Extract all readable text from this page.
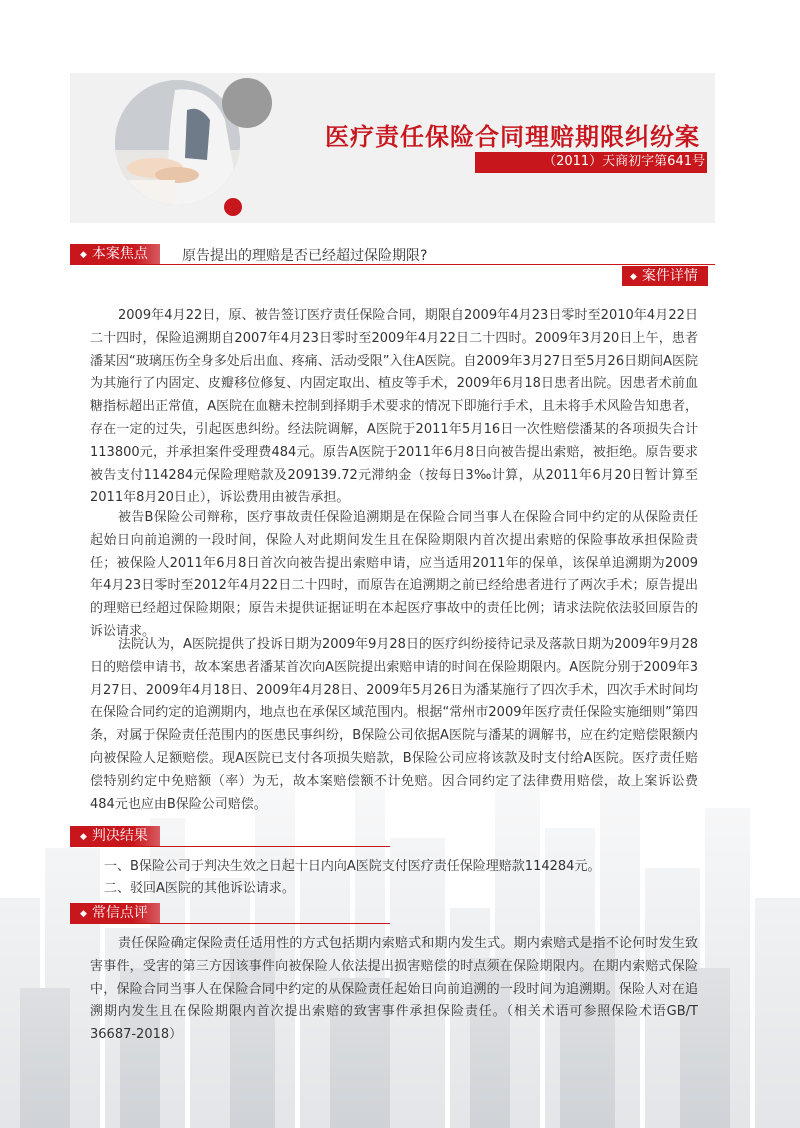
医疗责任保险合同理赔期限纠纷案
（2011）天商初字第641号
◆ 本案焦点	原告提出的理赔是否已经超过保险期限?
◆ 案件详情

2009年4月22日，原、被告签订医疗责任保险合同，期限自2009年4月23日零时至2010年4月22日二十四时，保险追溯期自2007年4月23日零时至2009年4月22日二十四时。2009年3月20日上午，患者潘某因“玻璃压伤全身多处后出血、疼痛、活动受限”入住A医院。自2009年3月27日至5月26日期间A医院为其施行了内固定、皮瓣移位修复、内固定取出、植皮等手术，2009年6月18日患者出院。因患者术前血糖指标超出正常值，A医院在血糖未控制到择期手术要求的情况下即施行手术，且未将手术风险告知患者，存在一定的过失，引起医患纠纷。经法院调解，A医院于2011年5月16日一次性赔偿潘某的各项损失合计113800元，并承担案件受理费484元。原告A医院于2011年6月8日向被告提出索赔，被拒绝。原告要求被告支付114284元保险理赔款及209139.72元滞纳金（按每日3‰计算，从2011年6月20日暂计算至2011年8月20日止），诉讼费用由被告承担。

被告B保险公司辩称，医疗事故责任保险追溯期是在保险合同当事人在保险合同中约定的从保险责任起始日向前追溯的一段时间，保险人对此期间发生且在保险期限内首次提出索赔的保险事故承担保险责任；被保险人2011年6月8日首次向被告提出索赔申请，应当适用2011年的保单，该保单追溯期为2009年4月23日零时至2012年4月22日二十四时，而原告在追溯期之前已经给患者进行了两次手术；原告提出的理赔已经超过保险期限；原告未提供证据证明在本起医疗事故中的责任比例；请求法院依法驳回原告的诉讼请求。

法院认为，A医院提供了投诉日期为2009年9月28日的医疗纠纷接待记录及落款日期为2009年9月28日的赔偿申请书，故本案患者潘某首次向A医院提出索赔申请的时间在保险期限内。A医院分别于2009年3月27日、2009年4月18日、2009年4月28日、2009年5月26日为潘某施行了四次手术，四次手术时间均在保险合同约定的追溯期内，地点也在承保区域范围内。根据“常州市2009年医疗责任保险实施细则”第四条，对属于保险责任范围内的医患民事纠纷，B保险公司依据A医院与潘某的调解书，应在约定赔偿限额内向被保险人足额赔偿。现A医院已支付各项损失赔款，B保险公司应将该款及时支付给A医院。医疗责任赔偿特别约定中免赔额（率）为无，故本案赔偿额不计免赔。因合同约定了法律费用赔偿，故上案诉讼费484元也应由B保险公司赔偿。

◆ 判决结果
一、B保险公司于判决生效之日起十日内向A医院支付医疗责任保险理赔款114284元。
二、驳回A医院的其他诉讼请求。
◆ 常信点评

责任保险确定保险责任适用性的方式包括期内索赔式和期内发生式。期内索赔式是指不论何时发生致害事件，受害的第三方因该事件向被保险人依法提出损害赔偿的时点须在保险期限内。在期内索赔式保险中，保险合同当事人在保险合同中约定的从保险责任起始日向前追溯的一段时间为追溯期。保险人对在追溯期内发生且在保险期限内首次提出索赔的致害事件承担保险责任。（相关术语可参照保险术语GB/T 36687-2018）
